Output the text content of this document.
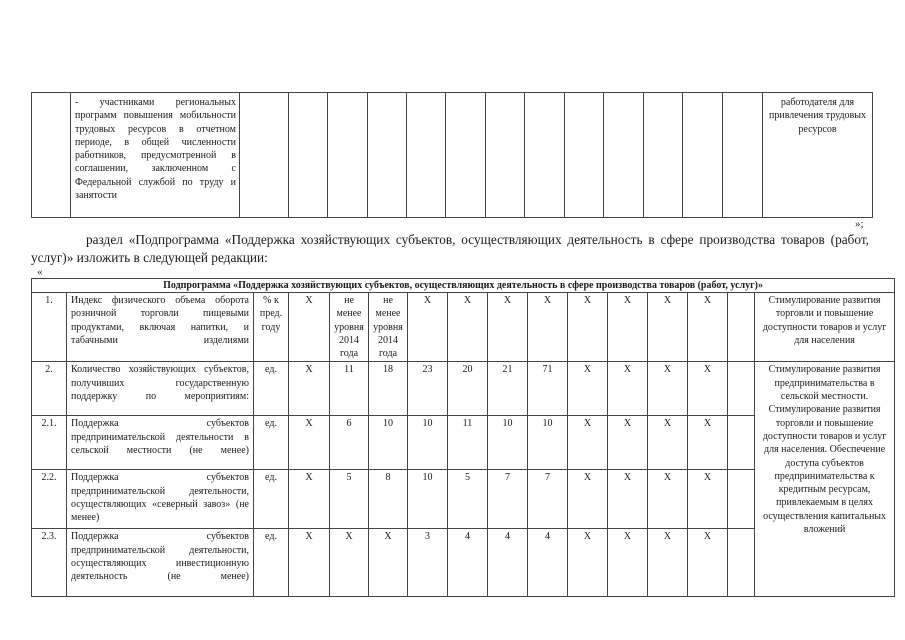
	- участниками региональных программ повышения мобильности трудовых ресурсов в отчетном периоде, в общей численности работников, предусмотренной в соглашении, заключенном с Федеральной службой по труду и занятости														работодателя для привлечения трудовых ресурсов
»;

раздел «Подпрограмма «Поддержка хозяйствующих субъектов, осуществляющих деятельность в сфере производства товаров (работ, услуг)» изложить в следующей редакции:

«
Подпрограмма «Поддержка хозяйствующих субъектов, осуществляющих деятельность в сфере производства товаров (работ, услуг)»															
1.	Индекс физического объема оборота розничной торговли пищевыми продуктами, включая напитки, и табачными изделиями	% к пред. году	X	не менее уровня 2014 года	не менее уровня 2014 года	X	X	X	X	X	X	X	X		Стимулирование развития торговли и повышение доступности товаров и услуг для населения
2.	Количество хозяйствующих субъектов, получивших государственную поддержку по мероприятиям:	ед.	X	11	18	23	20	21	71	X	X	X	X		Стимулирование развития предпринимательства в сельской местности. Стимулирование развития торговли и повышение доступности товаров и услуг для населения. Обеспечение доступа субъектов предпринимательства к кредитным ресурсам, привлекаемым в целях осуществления капитальных вложений
2.1.	Поддержка субъектов предпринимательской деятельности в сельской местности (не менее)	ед.	X	6	10	10	11	10	10	X	X	X	X		
2.2.	Поддержка субъектов предпринимательской деятельности, осуществляющих «северный завоз» (не менее)	ед.	X	5	8	10	5	7	7	X	X	X	X		
2.3.	Поддержка субъектов предпринимательской деятельности, осуществляющих инвестиционную деятельность (не менее)	ед.	X	X	X	3	4	4	4	X	X	X	X		
